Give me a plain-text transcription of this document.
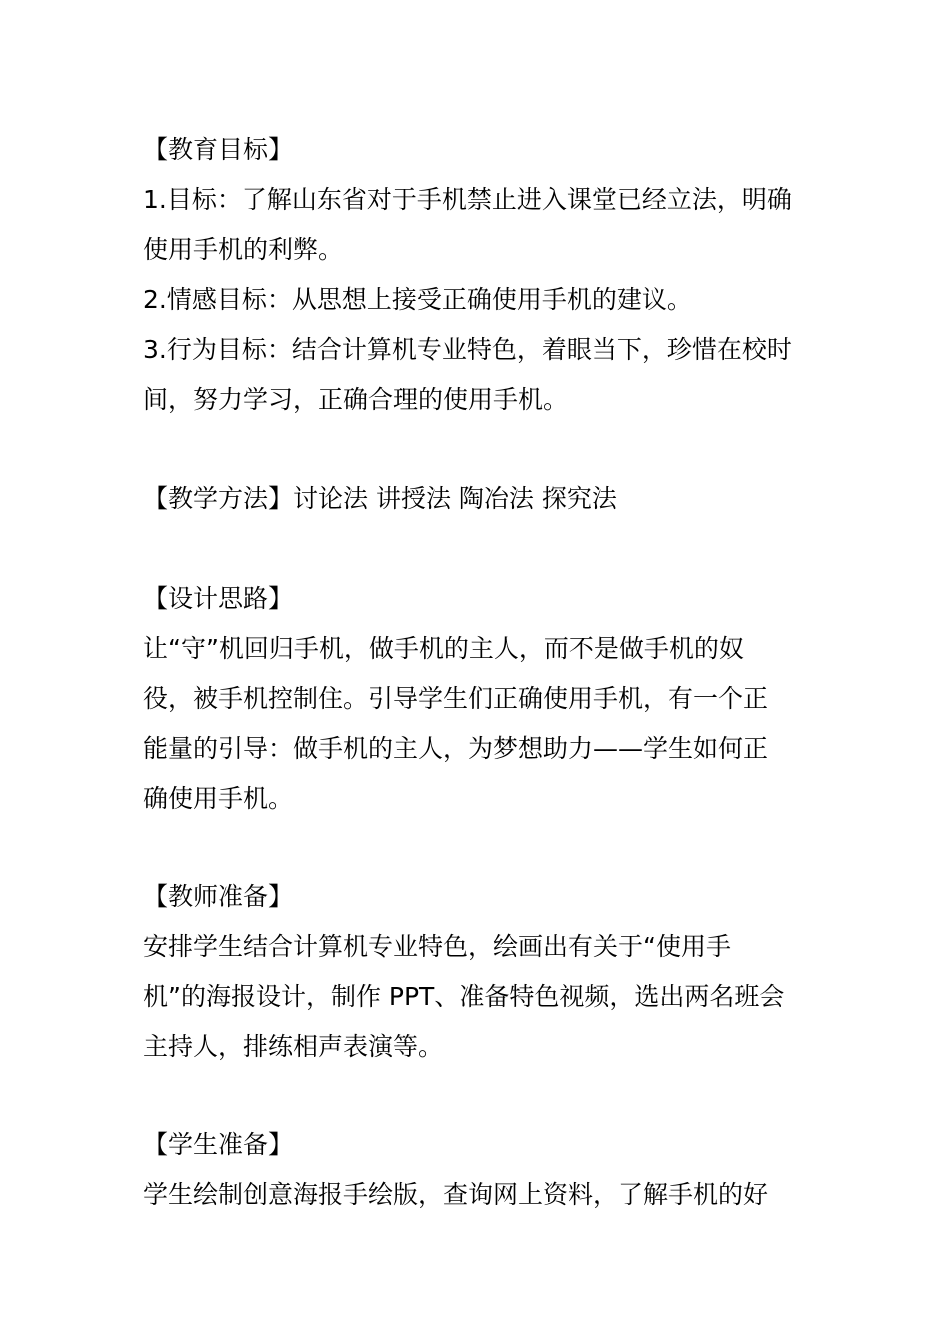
【教育目标】
1.目标：了解山东省对于手机禁止进入课堂已经立法，明确
使用手机的利弊。
2.情感目标：从思想上接受正确使用手机的建议。
3.行为目标：结合计算机专业特色，着眼当下，珍惜在校时
间，努力学习，正确合理的使用手机。
【教学方法】讨论法 讲授法 陶冶法 探究法
【设计思路】
让“守”机回归手机，做手机的主人，而不是做手机的奴
役，被手机控制住。引导学生们正确使用手机，有一个正
能量的引导：做手机的主人，为梦想助力——学生如何正
确使用手机。
【教师准备】
安排学生结合计算机专业特色，绘画出有关于“使用手
机”的海报设计，制作 PPT、准备特色视频，选出两名班会
主持人，排练相声表演等。
【学生准备】
学生绘制创意海报手绘版，查询网上资料，了解手机的好
